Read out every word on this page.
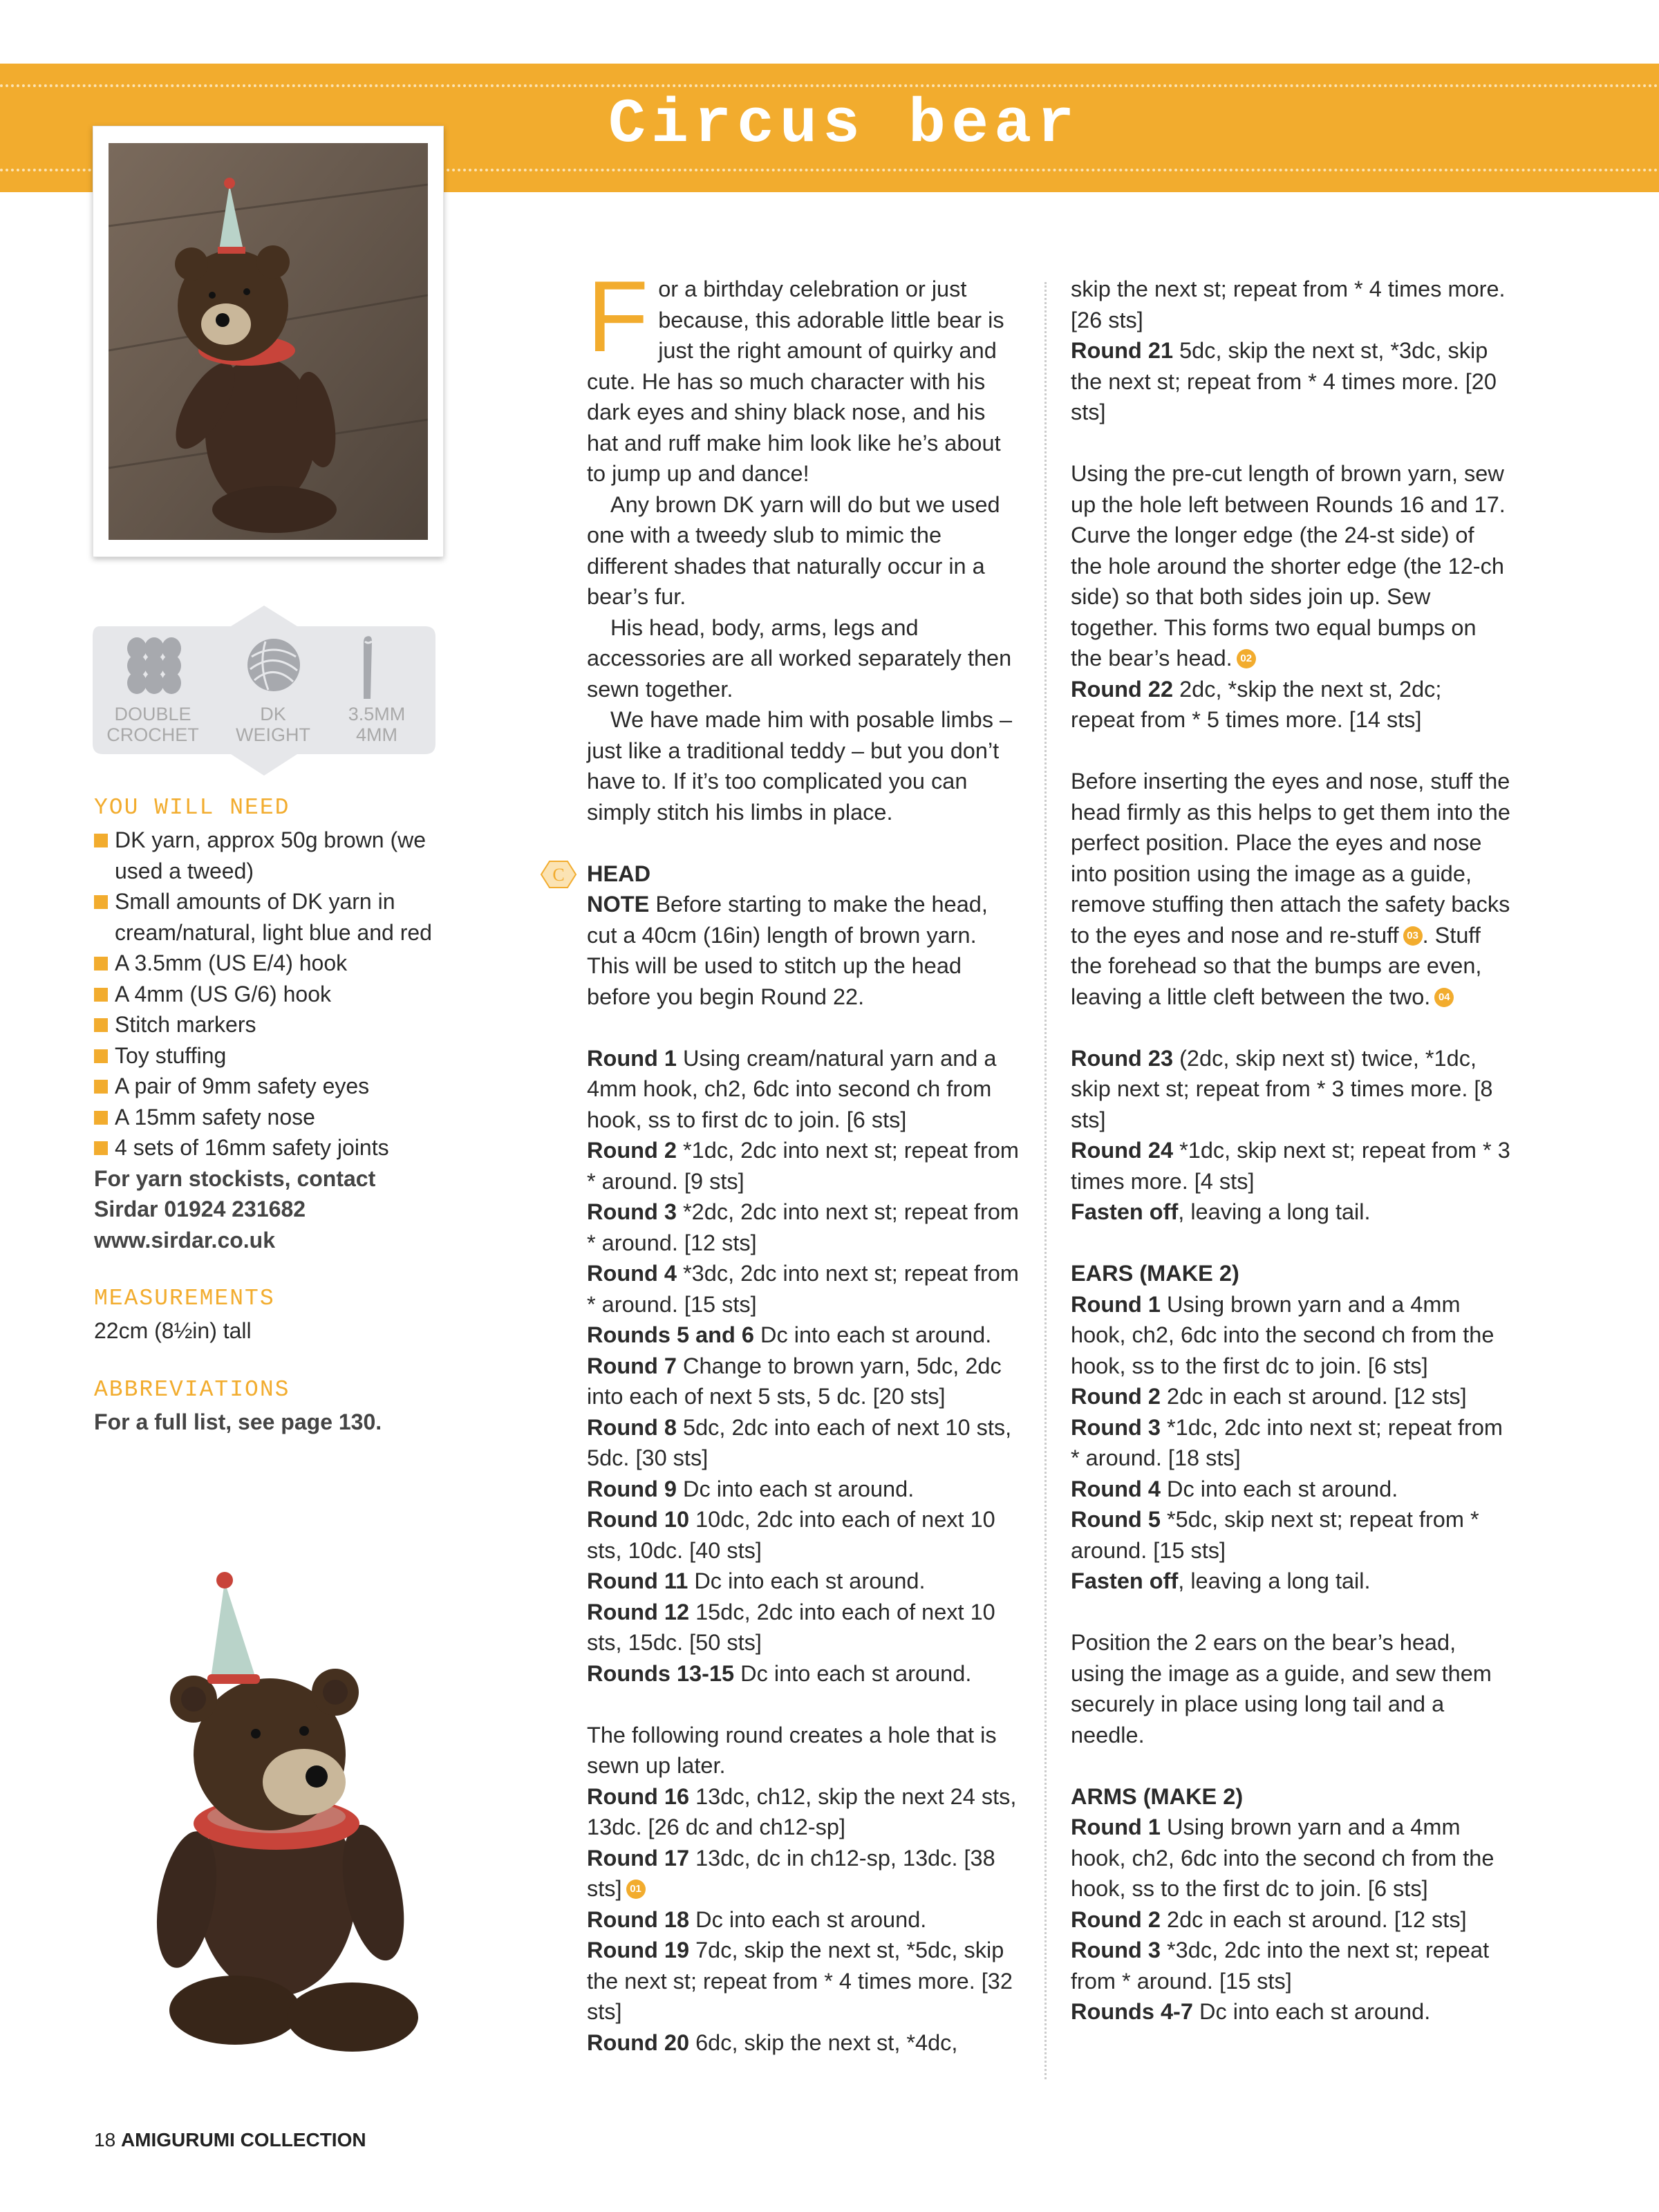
Circus bear
DOUBLE
CROCHET
DK
WEIGHT
3.5MM
4MM
YOU WILL NEED
DK yarn, approx 50g brown (we used a tweed)
Small amounts of DK yarn in cream/natural, light blue and red
A 3.5mm (US E/4) hook
A 4mm (US G/6) hook
Stitch markers
Toy stuffing
A pair of 9mm safety eyes
A 15mm safety nose
4 sets of 16mm safety joints
For yarn stockists, contact Sirdar 01924 231682 www.sirdar.co.uk
MEASUREMENTS
22cm (8½in) tall
ABBREVIATIONS
For a full list, see page 130.

For a birthday celebration or just because, this adorable little bear is just the right amount of quirky and cute. He has so much character with his dark eyes and shiny black nose, and his hat and ruff make him look like he’s about to jump up and dance!

Any brown DK yarn will do but we used one with a tweedy slub to mimic the different shades that naturally occur in a bear’s fur.

His head, body, arms, legs and accessories are all worked separately then sewn together.

We have made him with posable limbs – just like a traditional teddy – but you don’t have to. If it’s too complicated you can simply stitch his limbs in place.

C HEAD

NOTE Before starting to make the head, cut a 40cm (16in) length of brown yarn. This will be used to stitch up the head before you begin Round 22.

Round 1 Using cream/natural yarn and a 4mm hook, ch2, 6dc into second ch from hook, ss to first dc to join. [6 sts]

Round 2 *1dc, 2dc into next st; repeat from * around. [9 sts]

Round 3 *2dc, 2dc into next st; repeat from * around. [12 sts]

Round 4 *3dc, 2dc into next st; repeat from * around. [15 sts]

Rounds 5 and 6 Dc into each st around.

Round 7 Change to brown yarn, 5dc, 2dc into each of next 5 sts, 5 dc. [20 sts]

Round 8 5dc, 2dc into each of next 10 sts, 5dc. [30 sts]

Round 9 Dc into each st around.

Round 10 10dc, 2dc into each of next 10 sts, 10dc. [40 sts]

Round 11 Dc into each st around.

Round 12 15dc, 2dc into each of next 10 sts, 15dc. [50 sts]

Rounds 13-15 Dc into each st around.

The following round creates a hole that is sewn up later.

Round 16 13dc, ch12, skip the next 24 sts, 13dc. [26 dc and ch12-sp]

Round 17 13dc, dc in ch12-sp, 13dc. [38 sts] 01

Round 18 Dc into each st around.

Round 19 7dc, skip the next st, *5dc, skip the next st; repeat from * 4 times more. [32 sts]

Round 20 6dc, skip the next st, *4dc,

skip the next st; repeat from * 4 times more. [26 sts]

Round 21 5dc, skip the next st, *3dc, skip the next st; repeat from * 4 times more. [20 sts]

Using the pre-cut length of brown yarn, sew up the hole left between Rounds 16 and 17. Curve the longer edge (the 24-st side) of the hole around the shorter edge (the 12-ch side) so that both sides join up. Sew together. This forms two equal bumps on the bear’s head. 02

Round 22 2dc, *skip the next st, 2dc; repeat from * 5 times more. [14 sts]

Before inserting the eyes and nose, stuff the head firmly as this helps to get them into the perfect position. Place the eyes and nose into position using the image as a guide, remove stuffing then attach the safety backs to the eyes and nose and re-stuff 03 . Stuff the forehead so that the bumps are even, leaving a little cleft between the two. 04

Round 23 (2dc, skip next st) twice, *1dc, skip next st; repeat from * 3 times more. [8 sts]

Round 24 *1dc, skip next st; repeat from * 3 times more. [4 sts]

Fasten off, leaving a long tail.

EARS (MAKE 2)

Round 1 Using brown yarn and a 4mm hook, ch2, 6dc into the second ch from the hook, ss to the first dc to join. [6 sts]

Round 2 2dc in each st around. [12 sts]

Round 3 *1dc, 2dc into next st; repeat from * around. [18 sts]

Round 4 Dc into each st around.

Round 5 *5dc, skip next st; repeat from * around. [15 sts]

Fasten off, leaving a long tail.

Position the 2 ears on the bear’s head, using the image as a guide, and sew them securely in place using long tail and a needle.

ARMS (MAKE 2)

Round 1 Using brown yarn and a 4mm hook, ch2, 6dc into the second ch from the hook, ss to the first dc to join. [6 sts]

Round 2 2dc in each st around. [12 sts]

Round 3 *3dc, 2dc into the next st; repeat from * around. [15 sts]

Rounds 4-7 Dc into each st around.

18 AMIGURUMI COLLECTION
